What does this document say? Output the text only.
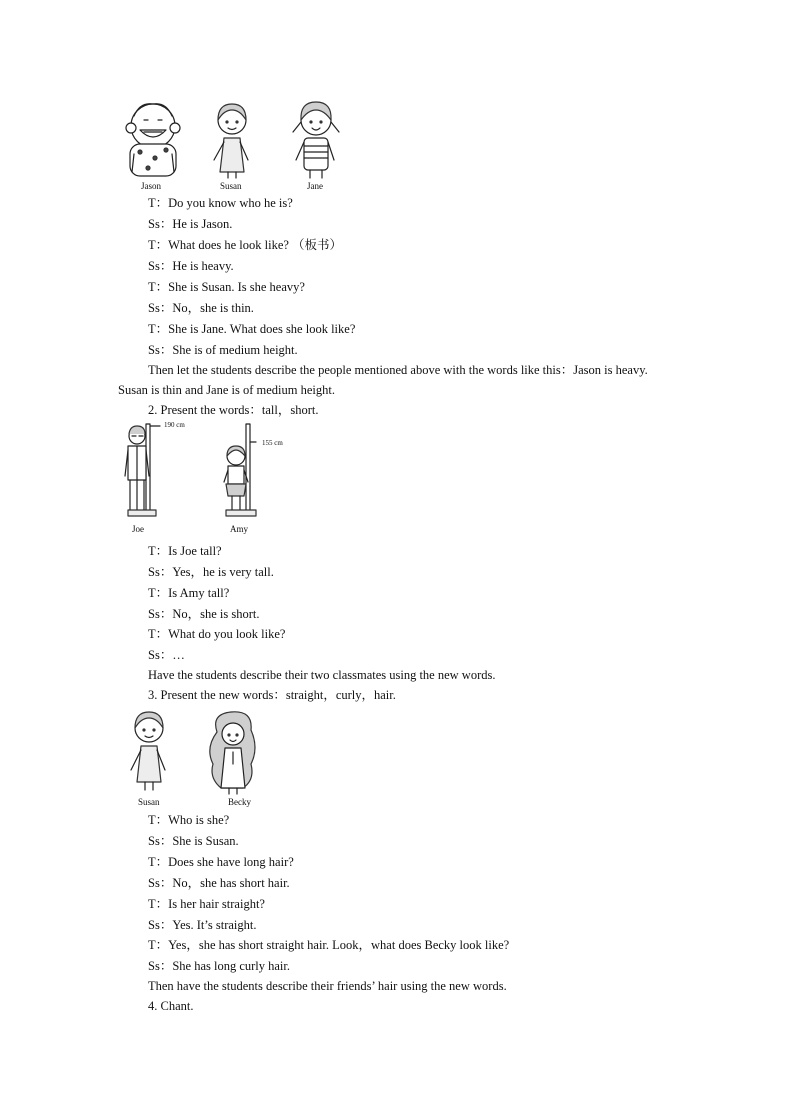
Jason	Susan	Jane
T：Do you know who he is?
Ss：He is Jason.
T：What does he look like? （板书）
Ss：He is heavy.
T：She is Susan. Is she heavy?
Ss：No，she is thin.
T：She is Jane. What does she look like?
Ss：She is of medium height.
Then let the students describe the people mentioned above with the words like this：Jason is heavy. Susan is thin and Jane is of medium height.
2. Present the words：tall，short.
190 cm
155 cm
Joe	Amy
T：Is Joe tall?
Ss：Yes，he is very tall.
T：Is Amy tall?
Ss：No，she is short.
T：What do you look like?
Ss：…
Have the students describe their two classmates using the new words.
3. Present the new words：straight，curly，hair.
Susan	Becky
T：Who is she?
Ss：She is Susan.
T：Does she have long hair?
Ss：No，she has short hair.
T：Is her hair straight?
Ss：Yes. It’s straight.
T：Yes，she has short straight hair. Look，what does Becky look like?
Ss：She has long curly hair.
Then have the students describe their friends’ hair using the new words.
4. Chant.
